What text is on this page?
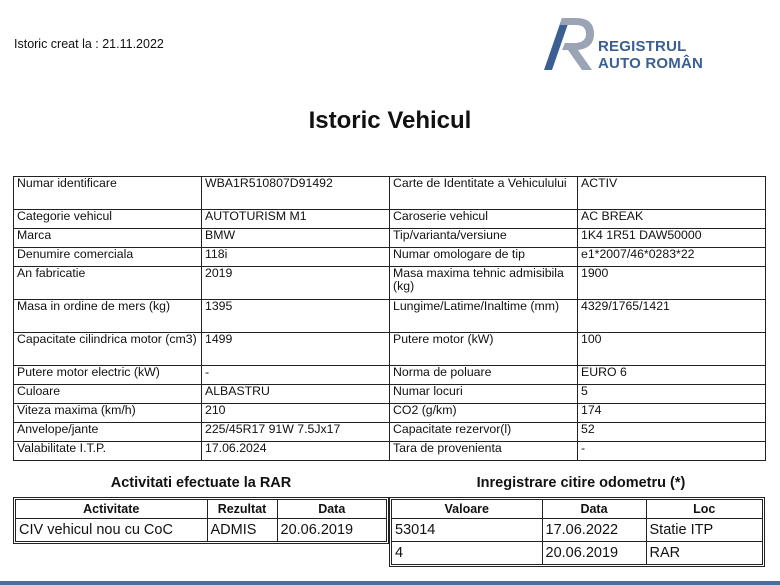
Istoric creat la : 21.11.2022	REGISTRUL
AUTO ROMÂN
Istoric Vehicul
Numar identificare	WBA1R510807D91492	Carte de Identitate a Vehiculului	ACTIV
Categorie vehicul	AUTOTURISM M1	Caroserie vehicul	AC BREAK
Marca	BMW	Tip/varianta/versiune	1K4 1R51 DAW50000
Denumire comerciala	118i	Numar omologare de tip	e1*2007/46*0283*22
An fabricatie	2019	Masa maxima tehnic admisibila (kg)	1900
Masa in ordine de mers (kg)	1395	Lungime/Latime/Inaltime (mm)	4329/1765/1421
Capacitate cilindrica motor (cm3)	1499	Putere motor (kW)	100
Putere motor electric (kW)	-	Norma de poluare	EURO 6
Culoare	ALBASTRU	Numar locuri	5
Viteza maxima (km/h)	210	CO2 (g/km)	174
Anvelope/jante	225/45R17 91W 7.5Jx17	Capacitate rezervor(l)	52
Valabilitate I.T.P.	17.06.2024	Tara de provenienta	-
Activitati efectuate la RAR	Inregistrare citire odometru (*)
Activitate	Rezultat	Data
CIV vehicul nou cu CoC	ADMIS	20.06.2019
Valoare	Data	Loc
53014	17.06.2022	Statie ITP
4	20.06.2019	RAR
